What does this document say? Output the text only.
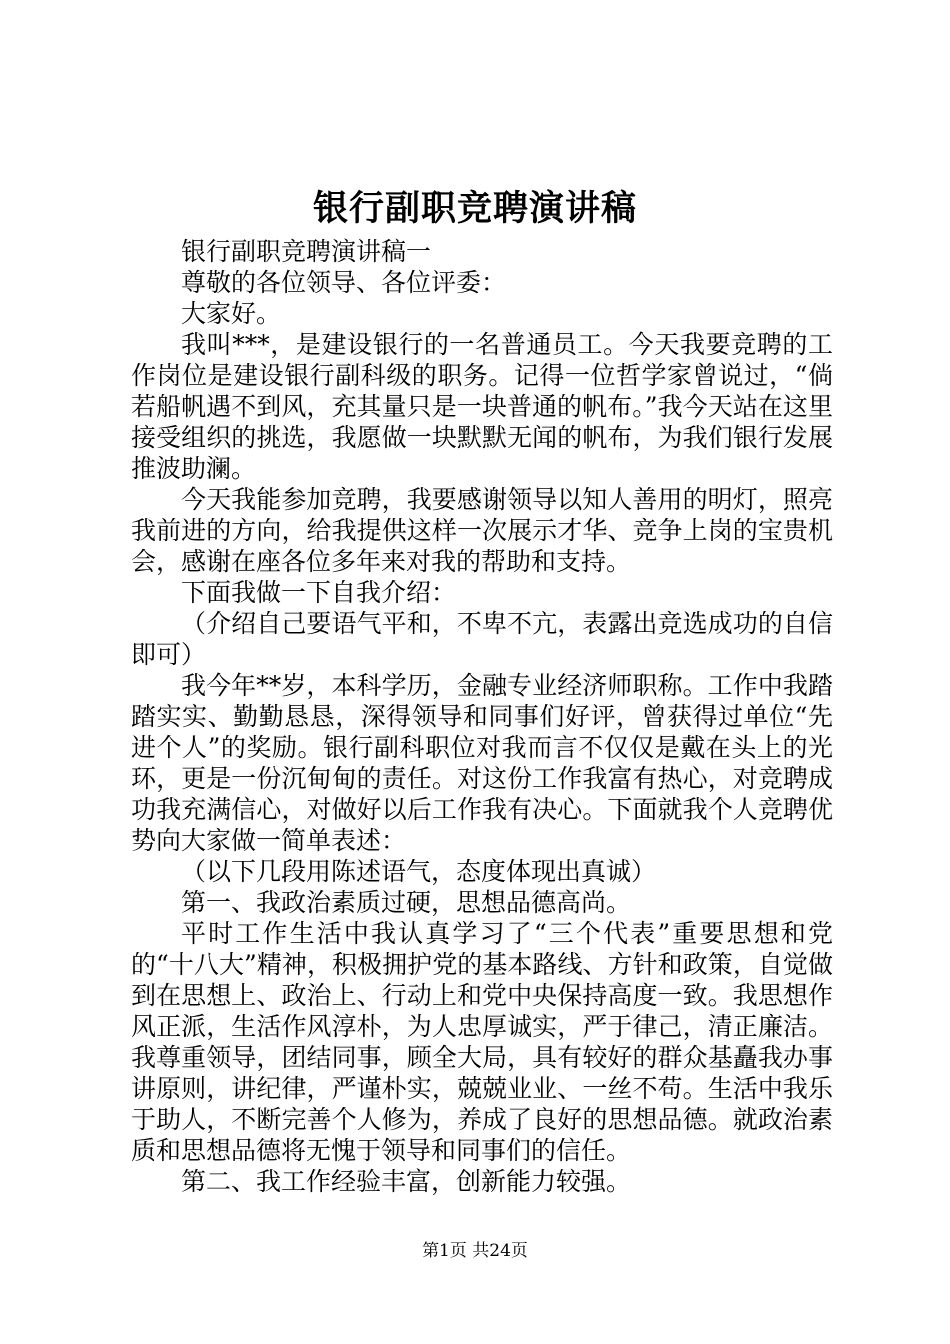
银行副职竞聘演讲稿

银行副职竞聘演讲稿一

尊敬的各位领导、各位评委：

大家好。

我叫***，是建设银行的一名普通员工。今天我要竞聘的工作岗位是建设银行副科级的职务。记得一位哲学家曾说过，“倘若船帆遇不到风，充其量只是一块普通的帆布。”我今天站在这里接受组织的挑选，我愿做一块默默无闻的帆布，为我们银行发展推波助澜。

今天我能参加竞聘，我要感谢领导以知人善用的明灯，照亮我前进的方向，给我提供这样一次展示才华、竞争上岗的宝贵机会，感谢在座各位多年来对我的帮助和支持。

下面我做一下自我介绍：

（介绍自己要语气平和，不卑不亢，表露出竞选成功的自信即可）

我今年**岁，本科学历，金融专业经济师职称。工作中我踏踏实实、勤勤恳恳，深得领导和同事们好评，曾获得过单位“先进个人”的奖励。银行副科职位对我而言不仅仅是戴在头上的光环，更是一份沉甸甸的责任。对这份工作我富有热心，对竞聘成功我充满信心，对做好以后工作我有决心。下面就我个人竞聘优势向大家做一简单表述：

（以下几段用陈述语气，态度体现出真诚）

第一、我政治素质过硬，思想品德高尚。

平时工作生活中我认真学习了“三个代表”重要思想和党的“十八大”精神，积极拥护党的基本路线、方针和政策，自觉做到在思想上、政治上、行动上和党中央保持高度一致。我思想作风正派，生活作风淳朴，为人忠厚诚实，严于律己，清正廉洁。我尊重领导，团结同事，顾全大局，具有较好的群众基矗我办事讲原则，讲纪律，严谨朴实，兢兢业业、一丝不苟。生活中我乐于助人，不断完善个人修为，养成了良好的思想品德。就政治素质和思想品德将无愧于领导和同事们的信任。

第二、我工作经验丰富，创新能力较强。

第1页 共24页
